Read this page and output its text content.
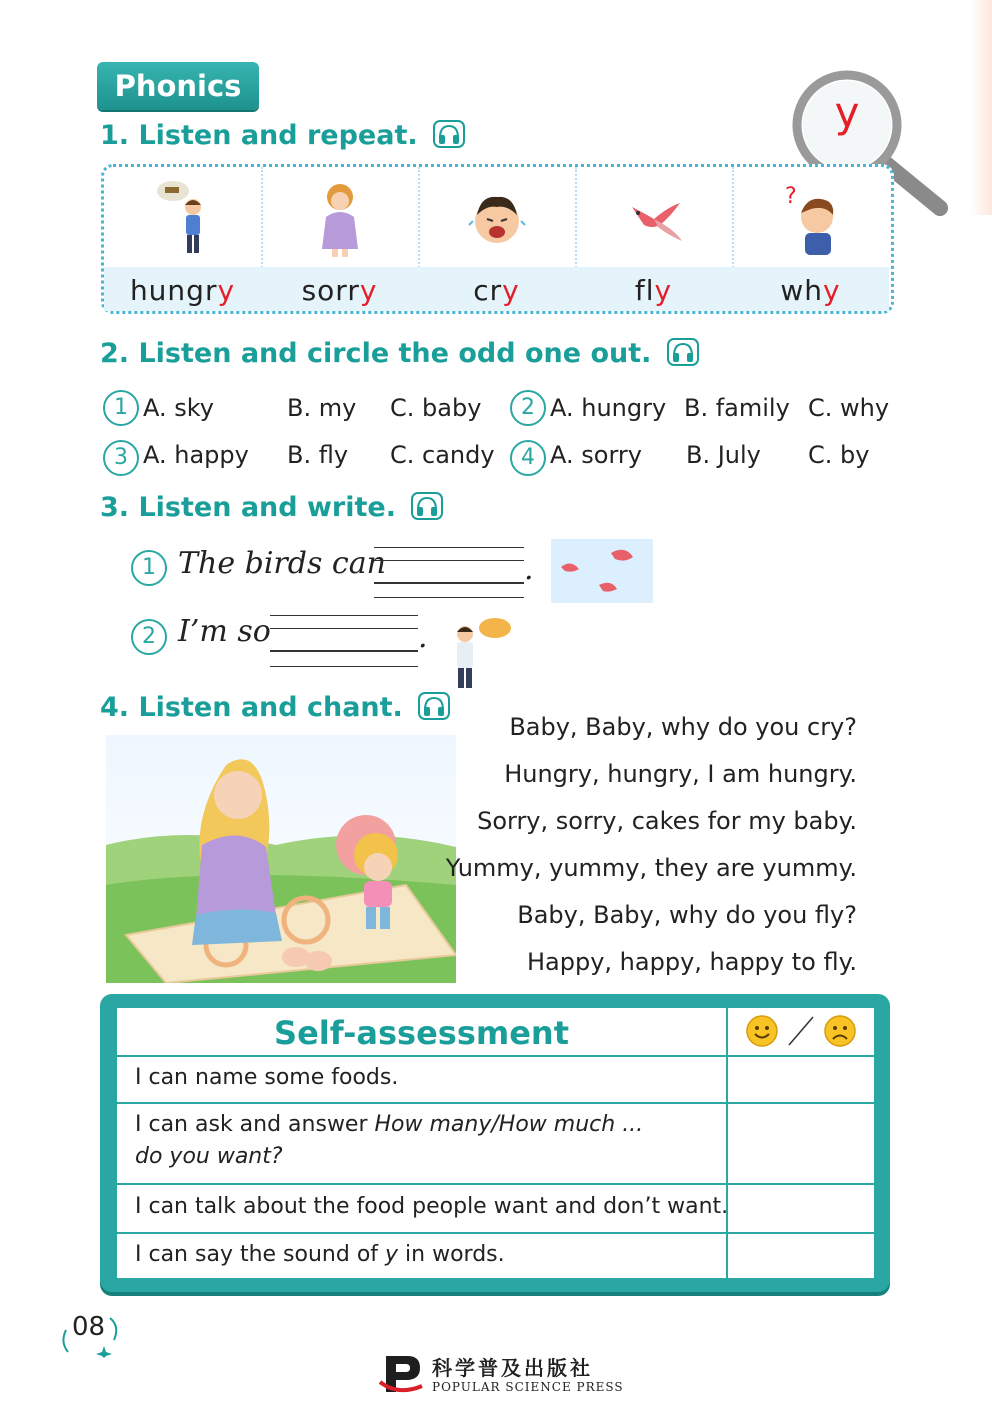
Phonics
y
1. Listen and repeat.
hungry	sorry	cry	fly
?
why
2. Listen and circle the odd one out.
1 A. sky	B. my C. baby	2 A. hungry B. family C. why
3 A. happy B. fly C. candy	4 A. sorry B. July C. by
3. Listen and write.
1 The birds can	.
2 I’m so	.
4. Listen and chant.
Baby, Baby, why do you cry?
Hungry, hungry, I am hungry.
Sorry, sorry, cakes for my baby.
Yummy, yummy, they are yummy.
Baby, Baby, why do you fly?
Happy, happy, happy to fly.
Self-assessment
I can name some foods.
I can ask and answer How many/How much ...
do you want?
I can talk about the food people want and don’t want.
I can say the sound of y in words.
08
科学普及出版社
POPULAR SCIENCE PRESS
